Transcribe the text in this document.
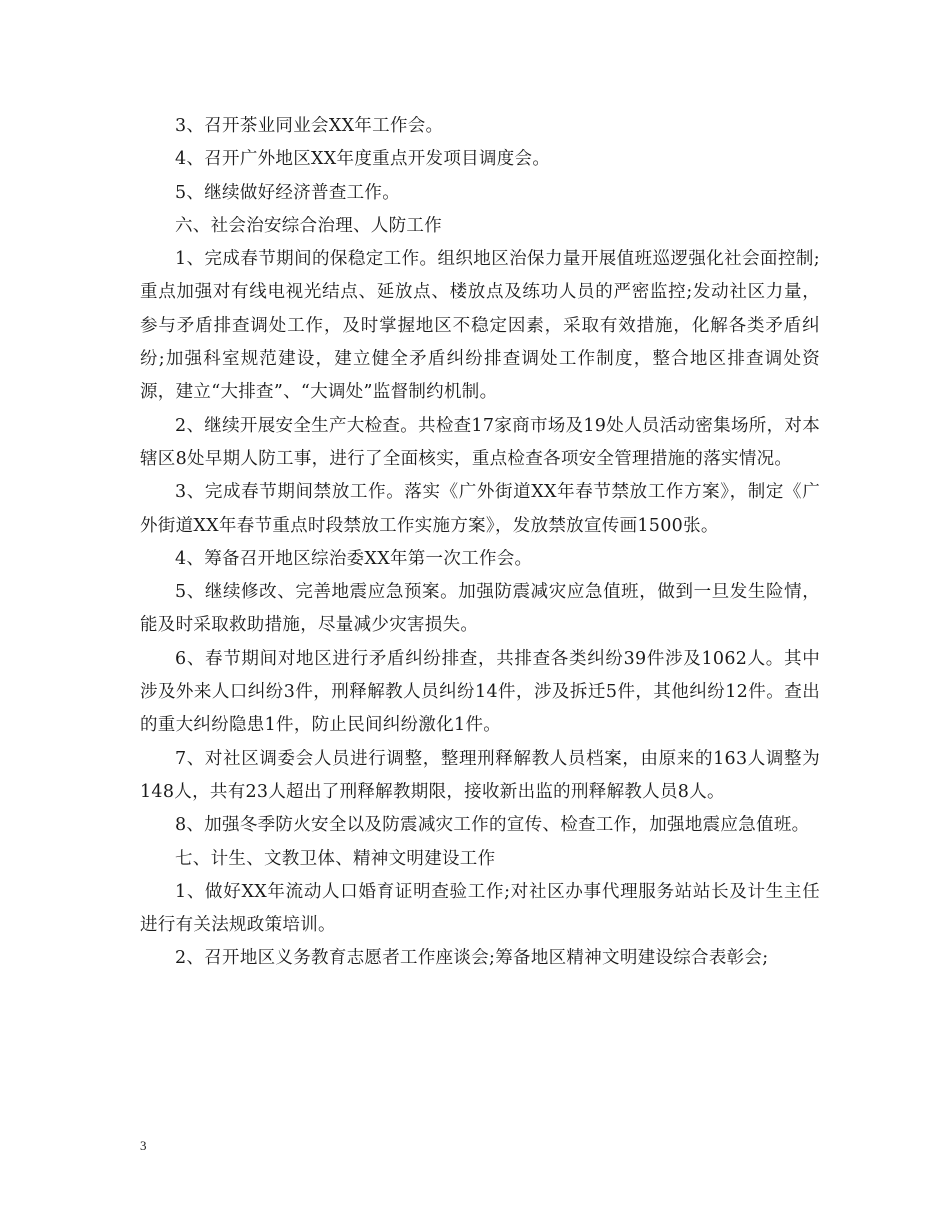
3、召开茶业同业会XX年工作会。

4、召开广外地区XX年度重点开发项目调度会。

5、继续做好经济普查工作。

六、社会治安综合治理、人防工作

1、完成春节期间的保稳定工作。组织地区治保力量开展值班巡逻强化社会面控制;重点加强对有线电视光结点、延放点、楼放点及练功人员的严密监控;发动社区力量，参与矛盾排查调处工作，及时掌握地区不稳定因素，采取有效措施，化解各类矛盾纠纷;加强科室规范建设，建立健全矛盾纠纷排查调处工作制度，整合地区排查调处资源，建立“大排查”、“大调处”监督制约机制。

2、继续开展安全生产大检查。共检查17家商市场及19处人员活动密集场所，对本辖区8处早期人防工事，进行了全面核实，重点检查各项安全管理措施的落实情况。

3、完成春节期间禁放工作。落实《广外街道XX年春节禁放工作方案》，制定《广外街道XX年春节重点时段禁放工作实施方案》，发放禁放宣传画1500张。

4、筹备召开地区综治委XX年第一次工作会。

5、继续修改、完善地震应急预案。加强防震减灾应急值班，做到一旦发生险情，能及时采取救助措施，尽量减少灾害损失。

6、春节期间对地区进行矛盾纠纷排查，共排查各类纠纷39件涉及1062人。其中涉及外来人口纠纷3件，刑释解教人员纠纷14件，涉及拆迁5件，其他纠纷12件。查出的重大纠纷隐患1件，防止民间纠纷激化1件。

7、对社区调委会人员进行调整，整理刑释解教人员档案，由原来的163人调整为148人，共有23人超出了刑释解教期限，接收新出监的刑释解教人员8人。

8、加强冬季防火安全以及防震减灾工作的宣传、检查工作，加强地震应急值班。

七、计生、文教卫体、精神文明建设工作

1、做好XX年流动人口婚育证明查验工作;对社区办事代理服务站站长及计生主任进行有关法规政策培训。

2、召开地区义务教育志愿者工作座谈会;筹备地区精神文明建设综合表彰会;

3
